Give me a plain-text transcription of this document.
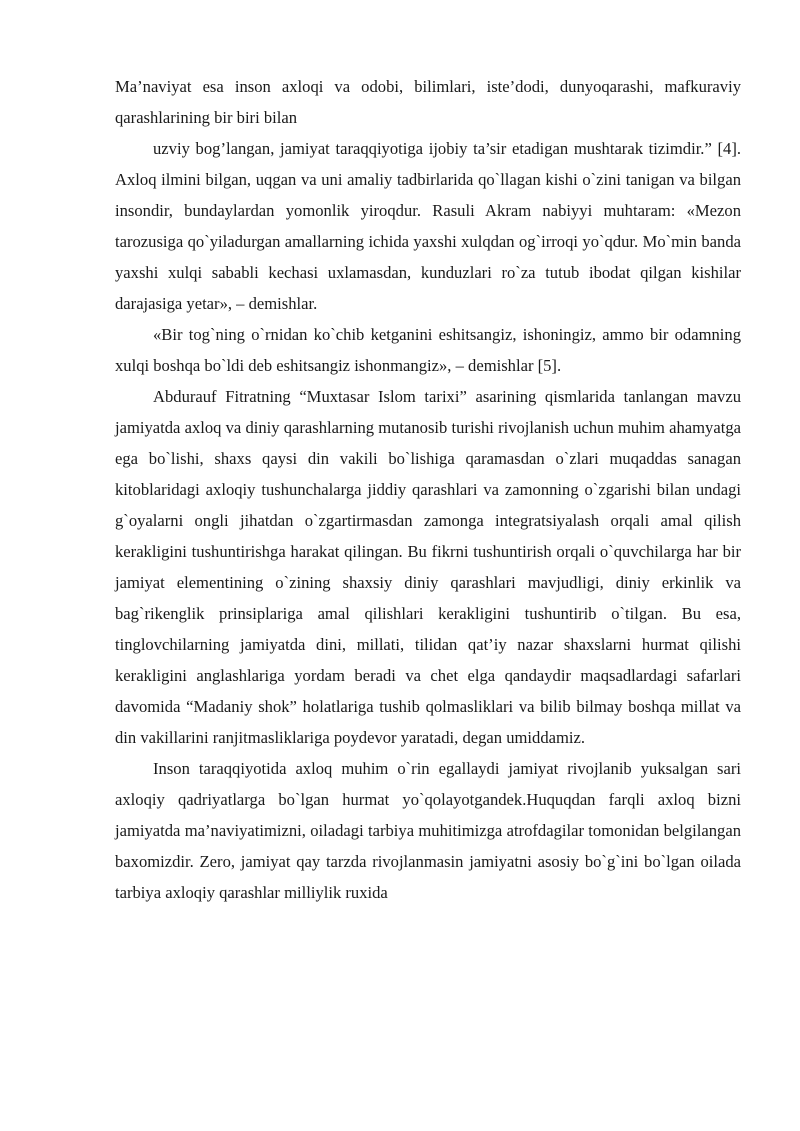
Ma’naviyat esa inson axloqi va odobi, bilimlari, iste’dodi, dunyoqarashi, mafkuraviy qarashlarining bir biri bilan

uzviy bog’langan, jamiyat taraqqiyotiga ijobiy ta’sir etadigan mushtarak tizimdir.” [4]. Axloq ilmini bilgan, uqgan va uni amaliy tadbirlarida qo`llagan kishi o`zini tanigan va bilgan insondir, bundaylardan yomonlik yiroqdur. Rasuli Akram nabiyyi muhtaram: «Mezon tarozusiga qo`yiladurgan amallarning ichida yaxshi xulqdan og`irroqi yo`qdur. Mo`min banda yaxshi xulqi sababli kechasi uxlamasdan, kunduzlari ro`za tutub ibodat qilgan kishilar darajasiga yetar», – demishlar.

«Bir tog`ning o`rnidan ko`chib ketganini eshitsangiz, ishoningiz, ammo bir odamning xulqi boshqa bo`ldi deb eshitsangiz ishonmangiz», – demishlar [5].

Abdurauf Fitratning “Muxtasar Islom tarixi” asarining qismlarida tanlangan mavzu jamiyatda axloq va diniy qarashlarning mutanosib turishi rivojlanish uchun muhim ahamyatga ega bo`lishi, shaxs qaysi din vakili bo`lishiga qaramasdan o`zlari muqaddas sanagan kitoblaridagi axloqiy tushunchalarga jiddiy qarashlari va zamonning o`zgarishi bilan undagi g`oyalarni ongli jihatdan o`zgartirmasdan zamonga integratsiyalash orqali amal qilish kerakligini tushuntirishga harakat qilingan. Bu fikrni tushuntirish orqali o`quvchilarga har bir jamiyat elementining o`zining shaxsiy diniy qarashlari mavjudligi, diniy erkinlik va bag`rikenglik prinsiplariga amal qilishlari kerakligini tushuntirib o`tilgan. Bu esa, tinglovchilarning jamiyatda dini, millati, tilidan qat’iy nazar shaxslarni hurmat qilishi kerakligini anglashlariga yordam beradi va chet elga qandaydir maqsadlardagi safarlari davomida “Madaniy shok” holatlariga tushib qolmasliklari va bilib bilmay boshqa millat va din vakillarini ranjitmasliklariga poydevor yaratadi, degan umiddamiz.

Inson taraqqiyotida axloq muhim o`rin egallaydi jamiyat rivojlanib yuksalgan sari axloqiy qadriyatlarga bo`lgan hurmat yo`qolayotgandek.Huquqdan farqli axloq bizni jamiyatda ma’naviyatimizni, oiladagi tarbiya muhitimizga atrofdagilar tomonidan belgilangan baxomizdir. Zero, jamiyat qay tarzda rivojlanmasin jamiyatni asosiy bo`g`ini bo`lgan oilada tarbiya axloqiy qarashlar milliylik ruxida
